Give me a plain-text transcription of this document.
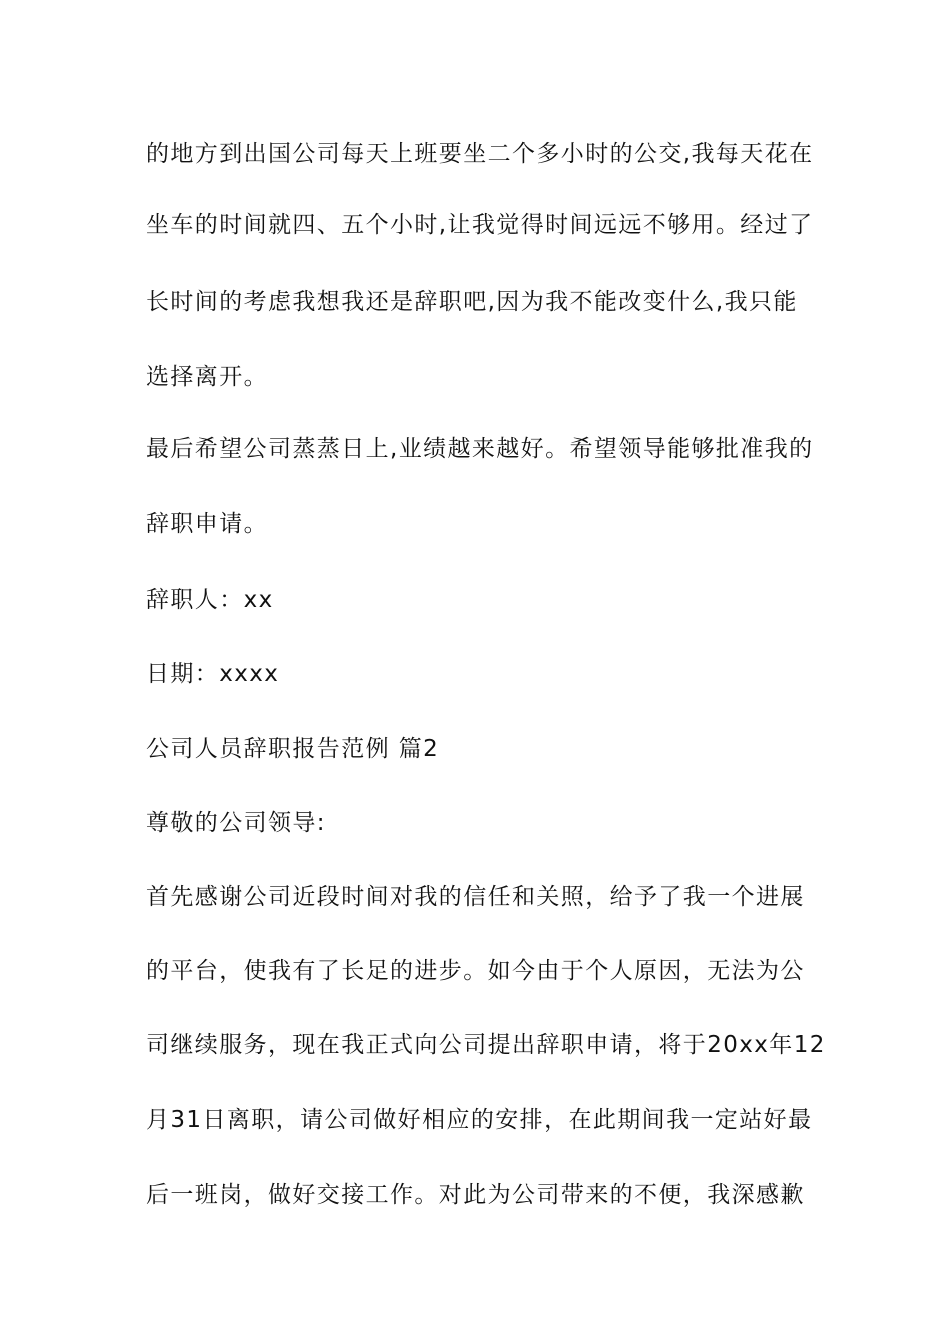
的地方到出国公司每天上班要坐二个多小时的公交,我每天花在
坐车的时间就四、五个小时,让我觉得时间远远不够用。经过了
长时间的考虑我想我还是辞职吧,因为我不能改变什么,我只能
选择离开。
最后希望公司蒸蒸日上,业绩越来越好。希望领导能够批准我的
辞职申请。
辞职人：xx
日期：xxxx
公司人员辞职报告范例 篇2
尊敬的公司领导:
首先感谢公司近段时间对我的信任和关照，给予了我一个进展
的平台，使我有了长足的进步。如今由于个人原因，无法为公
司继续服务，现在我正式向公司提出辞职申请，将于20xx年12
月31日离职，请公司做好相应的安排，在此期间我一定站好最
后一班岗，做好交接工作。对此为公司带来的不便，我深感歉
